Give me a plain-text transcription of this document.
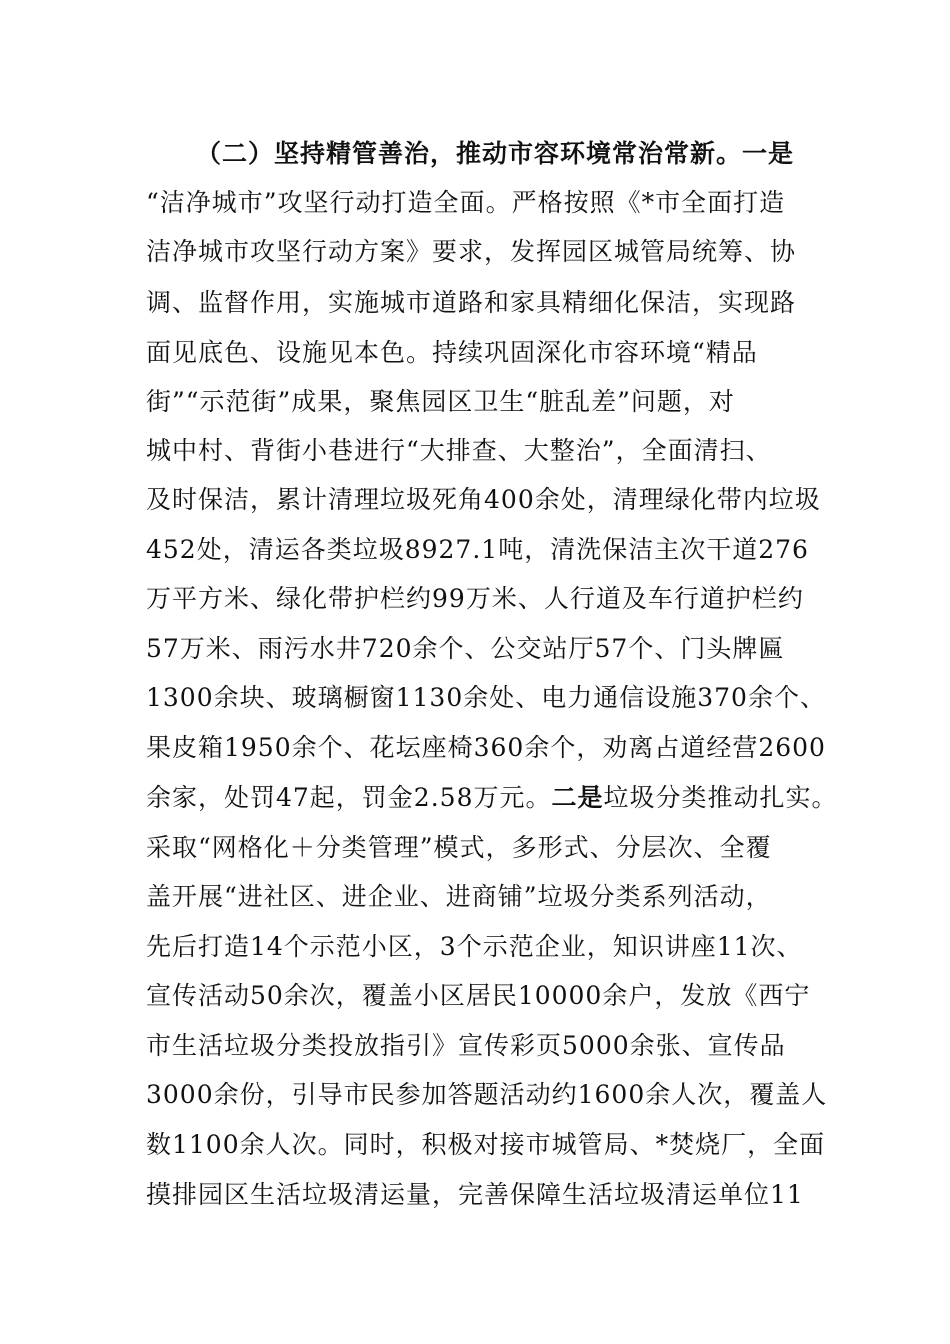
（二）坚持精管善治，推动市容环境常治常新。一是
“洁净城市”攻坚行动打造全面。严格按照《*市全面打造
洁净城市攻坚行动方案》要求，发挥园区城管局统筹、协
调、监督作用，实施城市道路和家具精细化保洁，实现路
面见底色、设施见本色。持续巩固深化市容环境“精品
街”“示范街”成果，聚焦园区卫生“脏乱差”问题，对
城中村、背街小巷进行“大排查、大整治”，全面清扫、
及时保洁，累计清理垃圾死角400余处，清理绿化带内垃圾
452处，清运各类垃圾8927.1吨，清洗保洁主次干道276
万平方米、绿化带护栏约99万米、人行道及车行道护栏约
57万米、雨污水井720余个、公交站厅57个、门头牌匾
1300余块、玻璃橱窗1130余处、电力通信设施370余个、
果皮箱1950余个、花坛座椅360余个，劝离占道经营2600
余家，处罚47起，罚金2.58万元。二是垃圾分类推动扎实。
采取“网格化＋分类管理”模式，多形式、分层次、全覆
盖开展“进社区、进企业、进商铺”垃圾分类系列活动，
先后打造14个示范小区，3个示范企业，知识讲座11次、
宣传活动50余次，覆盖小区居民10000余户，发放《西宁
市生活垃圾分类投放指引》宣传彩页5000余张、宣传品
3000余份，引导市民参加答题活动约1600余人次，覆盖人
数1100余人次。同时，积极对接市城管局、*焚烧厂，全面
摸排园区生活垃圾清运量，完善保障生活垃圾清运单位11
